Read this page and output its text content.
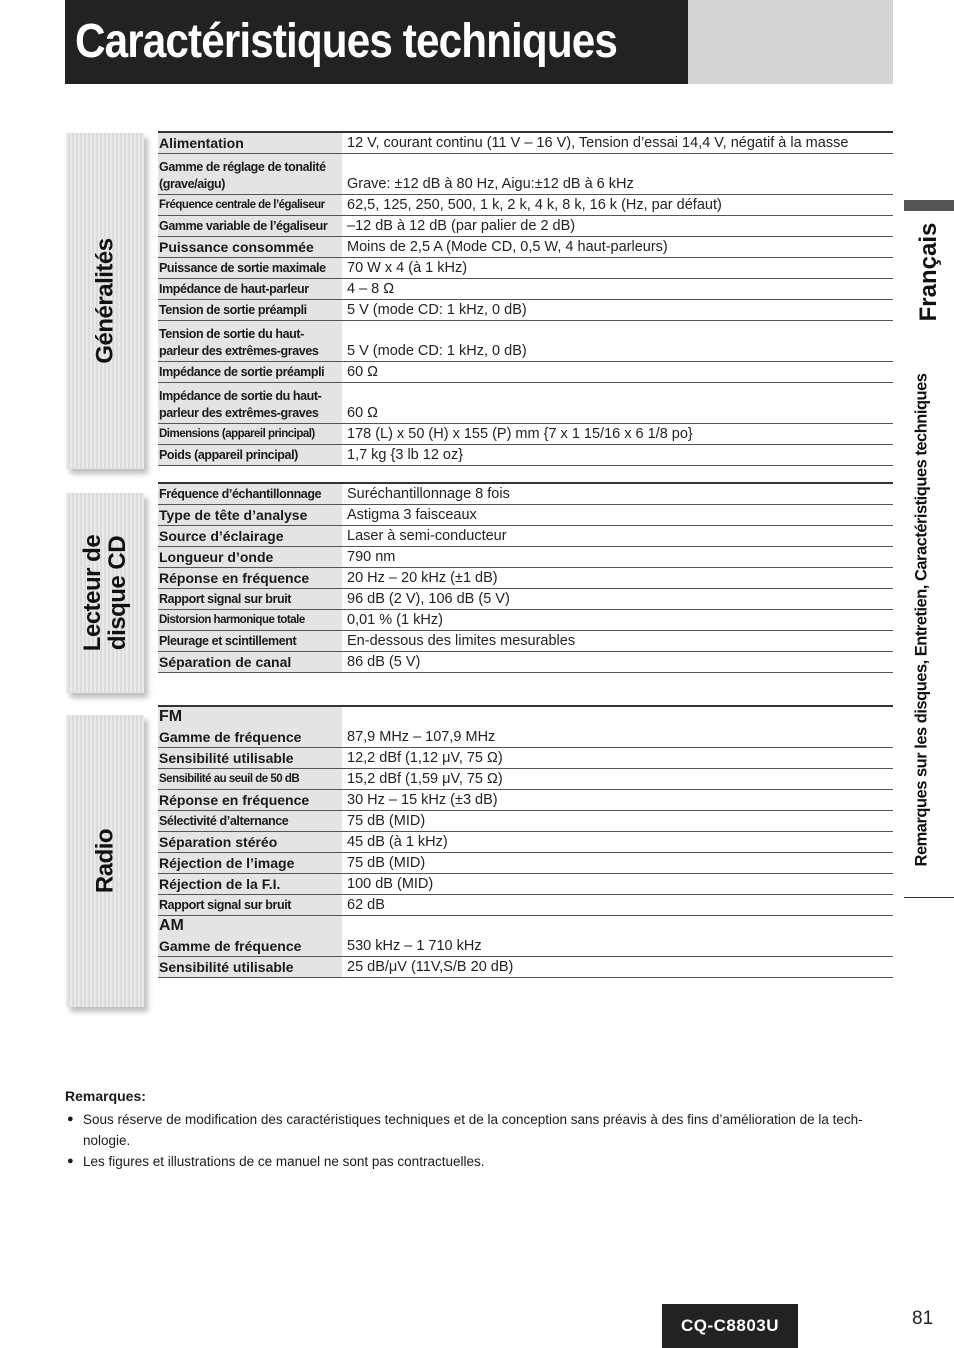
Caractéristiques techniques
Français
Remarques sur les disques, Entretien, Caractéristiques techniques
Généralités
Lecteur de
disque CD
Radio
Alimentation	12 V, courant continu (11 V – 16 V), Tension d’essai 14,4 V, négatif à la masse
Gamme de réglage de tonalité (grave/aigu)	Grave: ±12 dB à 80 Hz, Aigu:±12 dB à 6 kHz
Fréquence centrale de l’égaliseur	62,5, 125, 250, 500, 1 k, 2 k, 4 k, 8 k, 16 k (Hz, par défaut)
Gamme variable de l’égaliseur	–12 dB à 12 dB (par palier de 2 dB)
Puissance consommée	Moins de 2,5 A (Mode CD, 0,5 W, 4 haut-parleurs)
Puissance de sortie maximale	70 W x 4 (à 1 kHz)
Impédance de haut-parleur	4 – 8 Ω
Tension de sortie préampli	5 V (mode CD: 1 kHz, 0 dB)
Tension de sortie du haut-parleur des extrêmes-graves	5 V (mode CD: 1 kHz, 0 dB)
Impédance de sortie préampli	60 Ω
Impédance de sortie du haut-parleur des extrêmes-graves	60 Ω
Dimensions (appareil principal)	178 (L) x 50 (H) x 155 (P) mm {7 x 1 15/16 x 6 1/8 po}
Poids (appareil principal)	1,7 kg {3 lb 12 oz}
Fréquence d’échantillonnage	Suréchantillonnage 8 fois
Type de tête d’analyse	Astigma 3 faisceaux
Source d’éclairage	Laser à semi-conducteur
Longueur d’onde	790 nm
Réponse en fréquence	20 Hz – 20 kHz (±1 dB)
Rapport signal sur bruit	96 dB (2 V), 106 dB (5 V)
Distorsion harmonique totale	0,01 % (1 kHz)
Pleurage et scintillement	En-dessous des limites mesurables
Séparation de canal	86 dB (5 V)
FM
Gamme de fréquence	87,9 MHz – 107,9 MHz
Sensibilité utilisable	12,2 dBf (1,12 μV, 75 Ω)
Sensibilité au seuil de 50 dB	15,2 dBf (1,59 μV, 75 Ω)
Réponse en fréquence	30 Hz – 15 kHz (±3 dB)
Sélectivité d’alternance	75 dB (MID)
Séparation stéréo	45 dB (à 1 kHz)
Réjection de l’image	75 dB (MID)
Réjection de la F.I.	100 dB (MID)
Rapport signal sur bruit	62 dB
AM
Gamme de fréquence	530 kHz – 1 710 kHz
Sensibilité utilisable	25 dB/μV (11V,S/B 20 dB)
Remarques:
● Sous réserve de modification des caractéristiques techniques et de la conception sans préavis à des fins d’amélioration de la tech-nologie.
● Les figures et illustrations de ce manuel ne sont pas contractuelles.
CQ-C8803U	81
